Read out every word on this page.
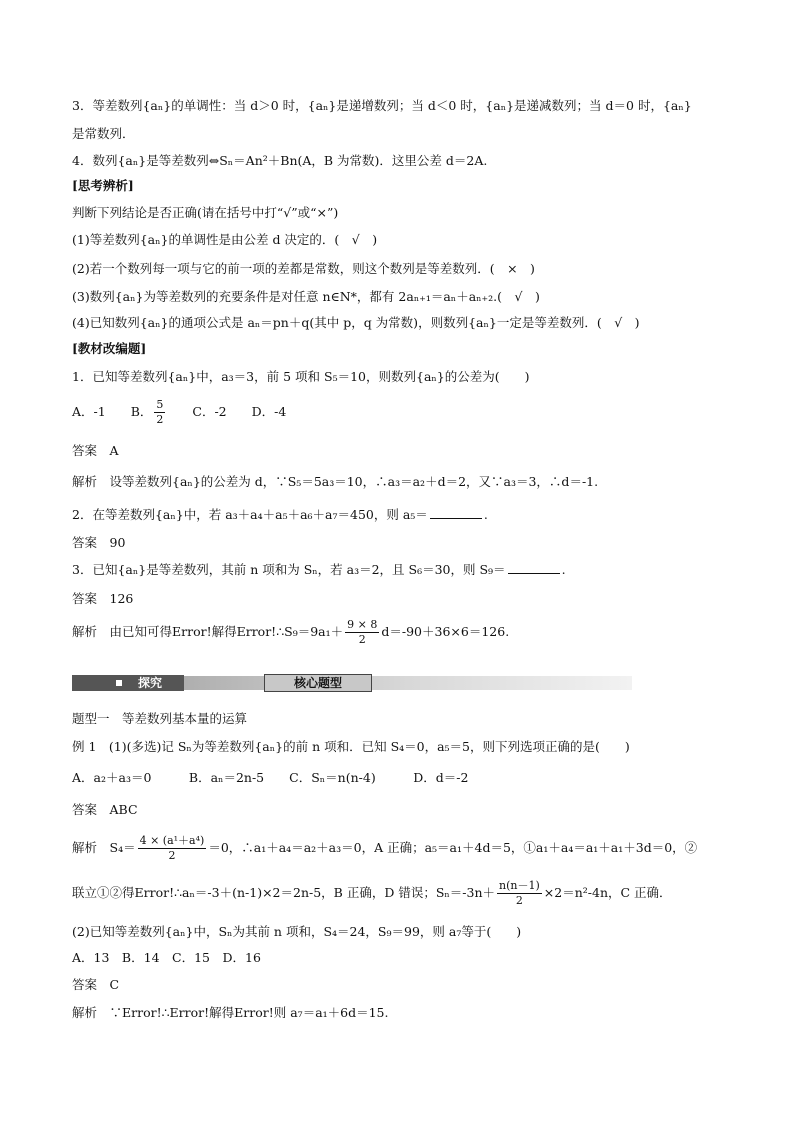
3．等差数列{aₙ}的单调性：当 d＞0 时，{aₙ}是递增数列；当 d＜0 时，{aₙ}是递减数列；当 d＝0 时，{aₙ}
是常数列．
4．数列{aₙ}是等差数列⇔Sₙ＝An²＋Bn(A，B 为常数)．这里公差 d＝2A.
[思考辨析]
判断下列结论是否正确(请在括号中打“√”或“×”)
(1)等差数列{aₙ}的单调性是由公差 d 决定的．(　√　)
(2)若一个数列每一项与它的前一项的差都是常数，则这个数列是等差数列．(　×　)
(3)数列{aₙ}为等差数列的充要条件是对任意 n∈N*，都有 2aₙ₊₁＝aₙ＋aₙ₊₂.(　√　)
(4)已知数列{aₙ}的通项公式是 aₙ＝pn＋q(其中 p，q 为常数)，则数列{aₙ}一定是等差数列．(　√　)
[教材改编题]
1．已知等差数列{aₙ}中，a₃＝3，前 5 项和 S₅＝10，则数列{aₙ}的公差为(　　)
A．-1　　B． $\frac{5}{2}$ 　　C．-2　　D．-4
答案　A
解析　设等差数列{aₙ}的公差为 d，∵S₅＝5a₃＝10，∴a₃＝a₂＋d＝2，又∵a₃＝3，∴d＝-1.
2．在等差数列{aₙ}中，若 a₃＋a₄＋a₅＋a₆＋a₇＝450，则 a₅＝	.
答案　90
3．已知{aₙ}是等差数列，其前 n 项和为 Sₙ，若 a₃＝2，且 S₆＝30，则 S₉＝	.
答案　126
解析　由已知可得Error!解得Error!∴S₉＝9a₁＋ $\frac{9 \times 8}{2} d=-90+36\times 6=126$.
探究	核心题型
题型一　等差数列基本量的运算
例 1　(1)(多选)记 Sₙ为等差数列{aₙ}的前 n 项和．已知 S₄＝0，a₅＝5，则下列选项正确的是(　　)
A．a₂＋a₃＝0　　　B．aₙ＝2n-5　　C．Sₙ＝n(n-4)　　　D．d＝-2
答案　ABC
解析　$S_4= \frac{\text{4 × (a¹＋a⁴)}}{2} =0$，∴a₁＋a₄＝a₂＋a₃＝0，A 正确；a₅＝a₁＋4d＝5，①a₁＋a₄＝a₁＋a₁＋3d＝0，②
联立①②得Error!∴aₙ＝-3＋(n-1)×2＝2n-5，B 正确，D 错误；$S_n=-3n+ \frac{n(n-1)}{2} \times 2=n^2-4n$，C 正确．
(2)已知等差数列{aₙ}中，Sₙ为其前 n 项和，S₄＝24，S₉＝99，则 a₇等于(　　)
A．13　B．14　C．15　D．16
答案　C
解析　∵Error!∴Error!解得Error!则 a₇＝a₁＋6d＝15.
